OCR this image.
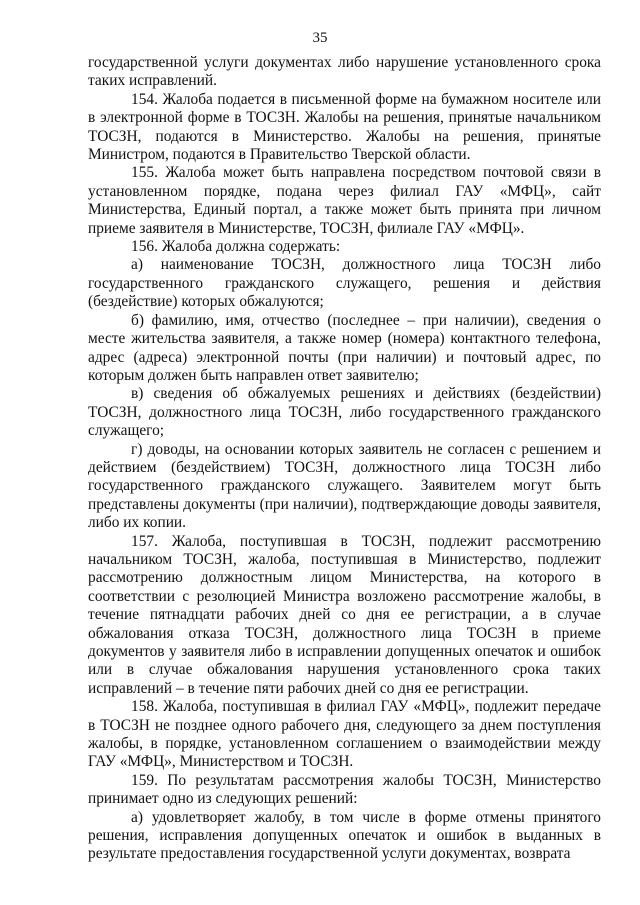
35

государственной услуги документах либо нарушение установленного срока таких исправлений.

154. Жалоба подается в письменной форме на бумажном носителе или в электронной форме в ТОСЗН. Жалобы на решения, принятые начальником ТОСЗН, подаются в Министерство. Жалобы на решения, принятые Министром, подаются в Правительство Тверской области.

155. Жалоба может быть направлена посредством почтовой связи в установленном порядке, подана через филиал ГАУ «МФЦ», сайт Министерства, Единый портал, а также может быть принята при личном приеме заявителя в Министерстве, ТОСЗН, филиале ГАУ «МФЦ».

156. Жалоба должна содержать:

а) наименование ТОСЗН, должностного лица ТОСЗН либо государственного гражданского служащего, решения и действия (бездействие) которых обжалуются;

б) фамилию, имя, отчество (последнее – при наличии), сведения о месте жительства заявителя, а также номер (номера) контактного телефона, адрес (адреса) электронной почты (при наличии) и почтовый адрес, по которым должен быть направлен ответ заявителю;

в) сведения об обжалуемых решениях и действиях (бездействии) ТОСЗН, должностного лица ТОСЗН, либо государственного гражданского служащего;

г) доводы, на основании которых заявитель не согласен с решением и действием (бездействием) ТОСЗН, должностного лица ТОСЗН либо государственного гражданского служащего. Заявителем могут быть представлены документы (при наличии), подтверждающие доводы заявителя, либо их копии.

157. Жалоба, поступившая в ТОСЗН, подлежит рассмотрению начальником ТОСЗН, жалоба, поступившая в Министерство, подлежит рассмотрению должностным лицом Министерства, на которого в соответствии с резолюцией Министра возложено рассмотрение жалобы, в течение пятнадцати рабочих дней со дня ее регистрации, а в случае обжалования отказа ТОСЗН, должностного лица ТОСЗН в приеме документов у заявителя либо в исправлении допущенных опечаток и ошибок или в случае обжалования нарушения установленного срока таких исправлений – в течение пяти рабочих дней со дня ее регистрации.

158. Жалоба, поступившая в филиал ГАУ «МФЦ», подлежит передаче в ТОСЗН не позднее одного рабочего дня, следующего за днем поступления жалобы, в порядке, установленном соглашением о взаимодействии между ГАУ «МФЦ», Министерством и ТОСЗН.

159. По результатам рассмотрения жалобы ТОСЗН, Министерство принимает одно из следующих решений:

а) удовлетворяет жалобу, в том числе в форме отмены принятого решения, исправления допущенных опечаток и ошибок в выданных в результате предоставления государственной услуги документах, возврата
